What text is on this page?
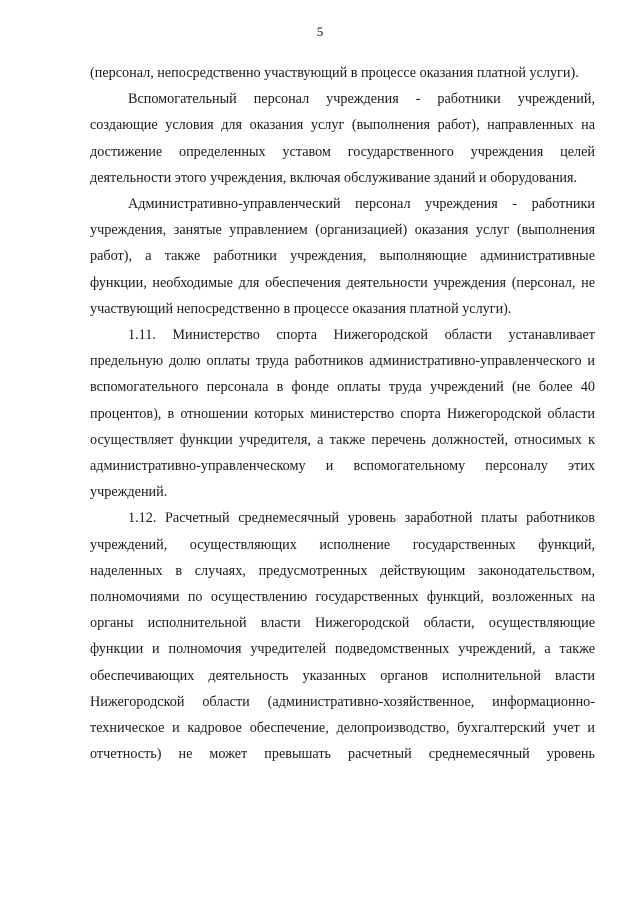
5

(персонал, непосредственно участвующий в процессе оказания платной услуги).

Вспомогательный персонал учреждения - работники учреждений, создающие условия для оказания услуг (выполнения работ), направленных на достижение определенных уставом государственного учреждения целей деятельности этого учреждения, включая обслуживание зданий и оборудования.

Административно-управленческий персонал учреждения - работники учреждения, занятые управлением (организацией) оказания услуг (выполнения работ), а также работники учреждения, выполняющие административные функции, необходимые для обеспечения деятельности учреждения (персонал, не участвующий непосредственно в процессе оказания платной услуги).

1.11. Министерство спорта Нижегородской области устанавливает предельную долю оплаты труда работников административно-управленческого и вспомогательного персонала в фонде оплаты труда учреждений (не более 40 процентов), в отношении которых министерство спорта Нижегородской области осуществляет функции учредителя, а также перечень должностей, относимых к административно-управленческому и вспомогательному персоналу этих учреждений.

1.12. Расчетный среднемесячный уровень заработной платы работников учреждений, осуществляющих исполнение государственных функций, наделенных в случаях, предусмотренных действующим законодательством, полномочиями по осуществлению государственных функций, возложенных на органы исполнительной власти Нижегородской области, осуществляющие функции и полномочия учредителей подведомственных учреждений, а также обеспечивающих деятельность указанных органов исполнительной власти Нижегородской области (административно-хозяйственное, информационно-техническое и кадровое обеспечение, делопроизводство, бухгалтерский учет и отчетность) не может превышать расчетный среднемесячный уровень
